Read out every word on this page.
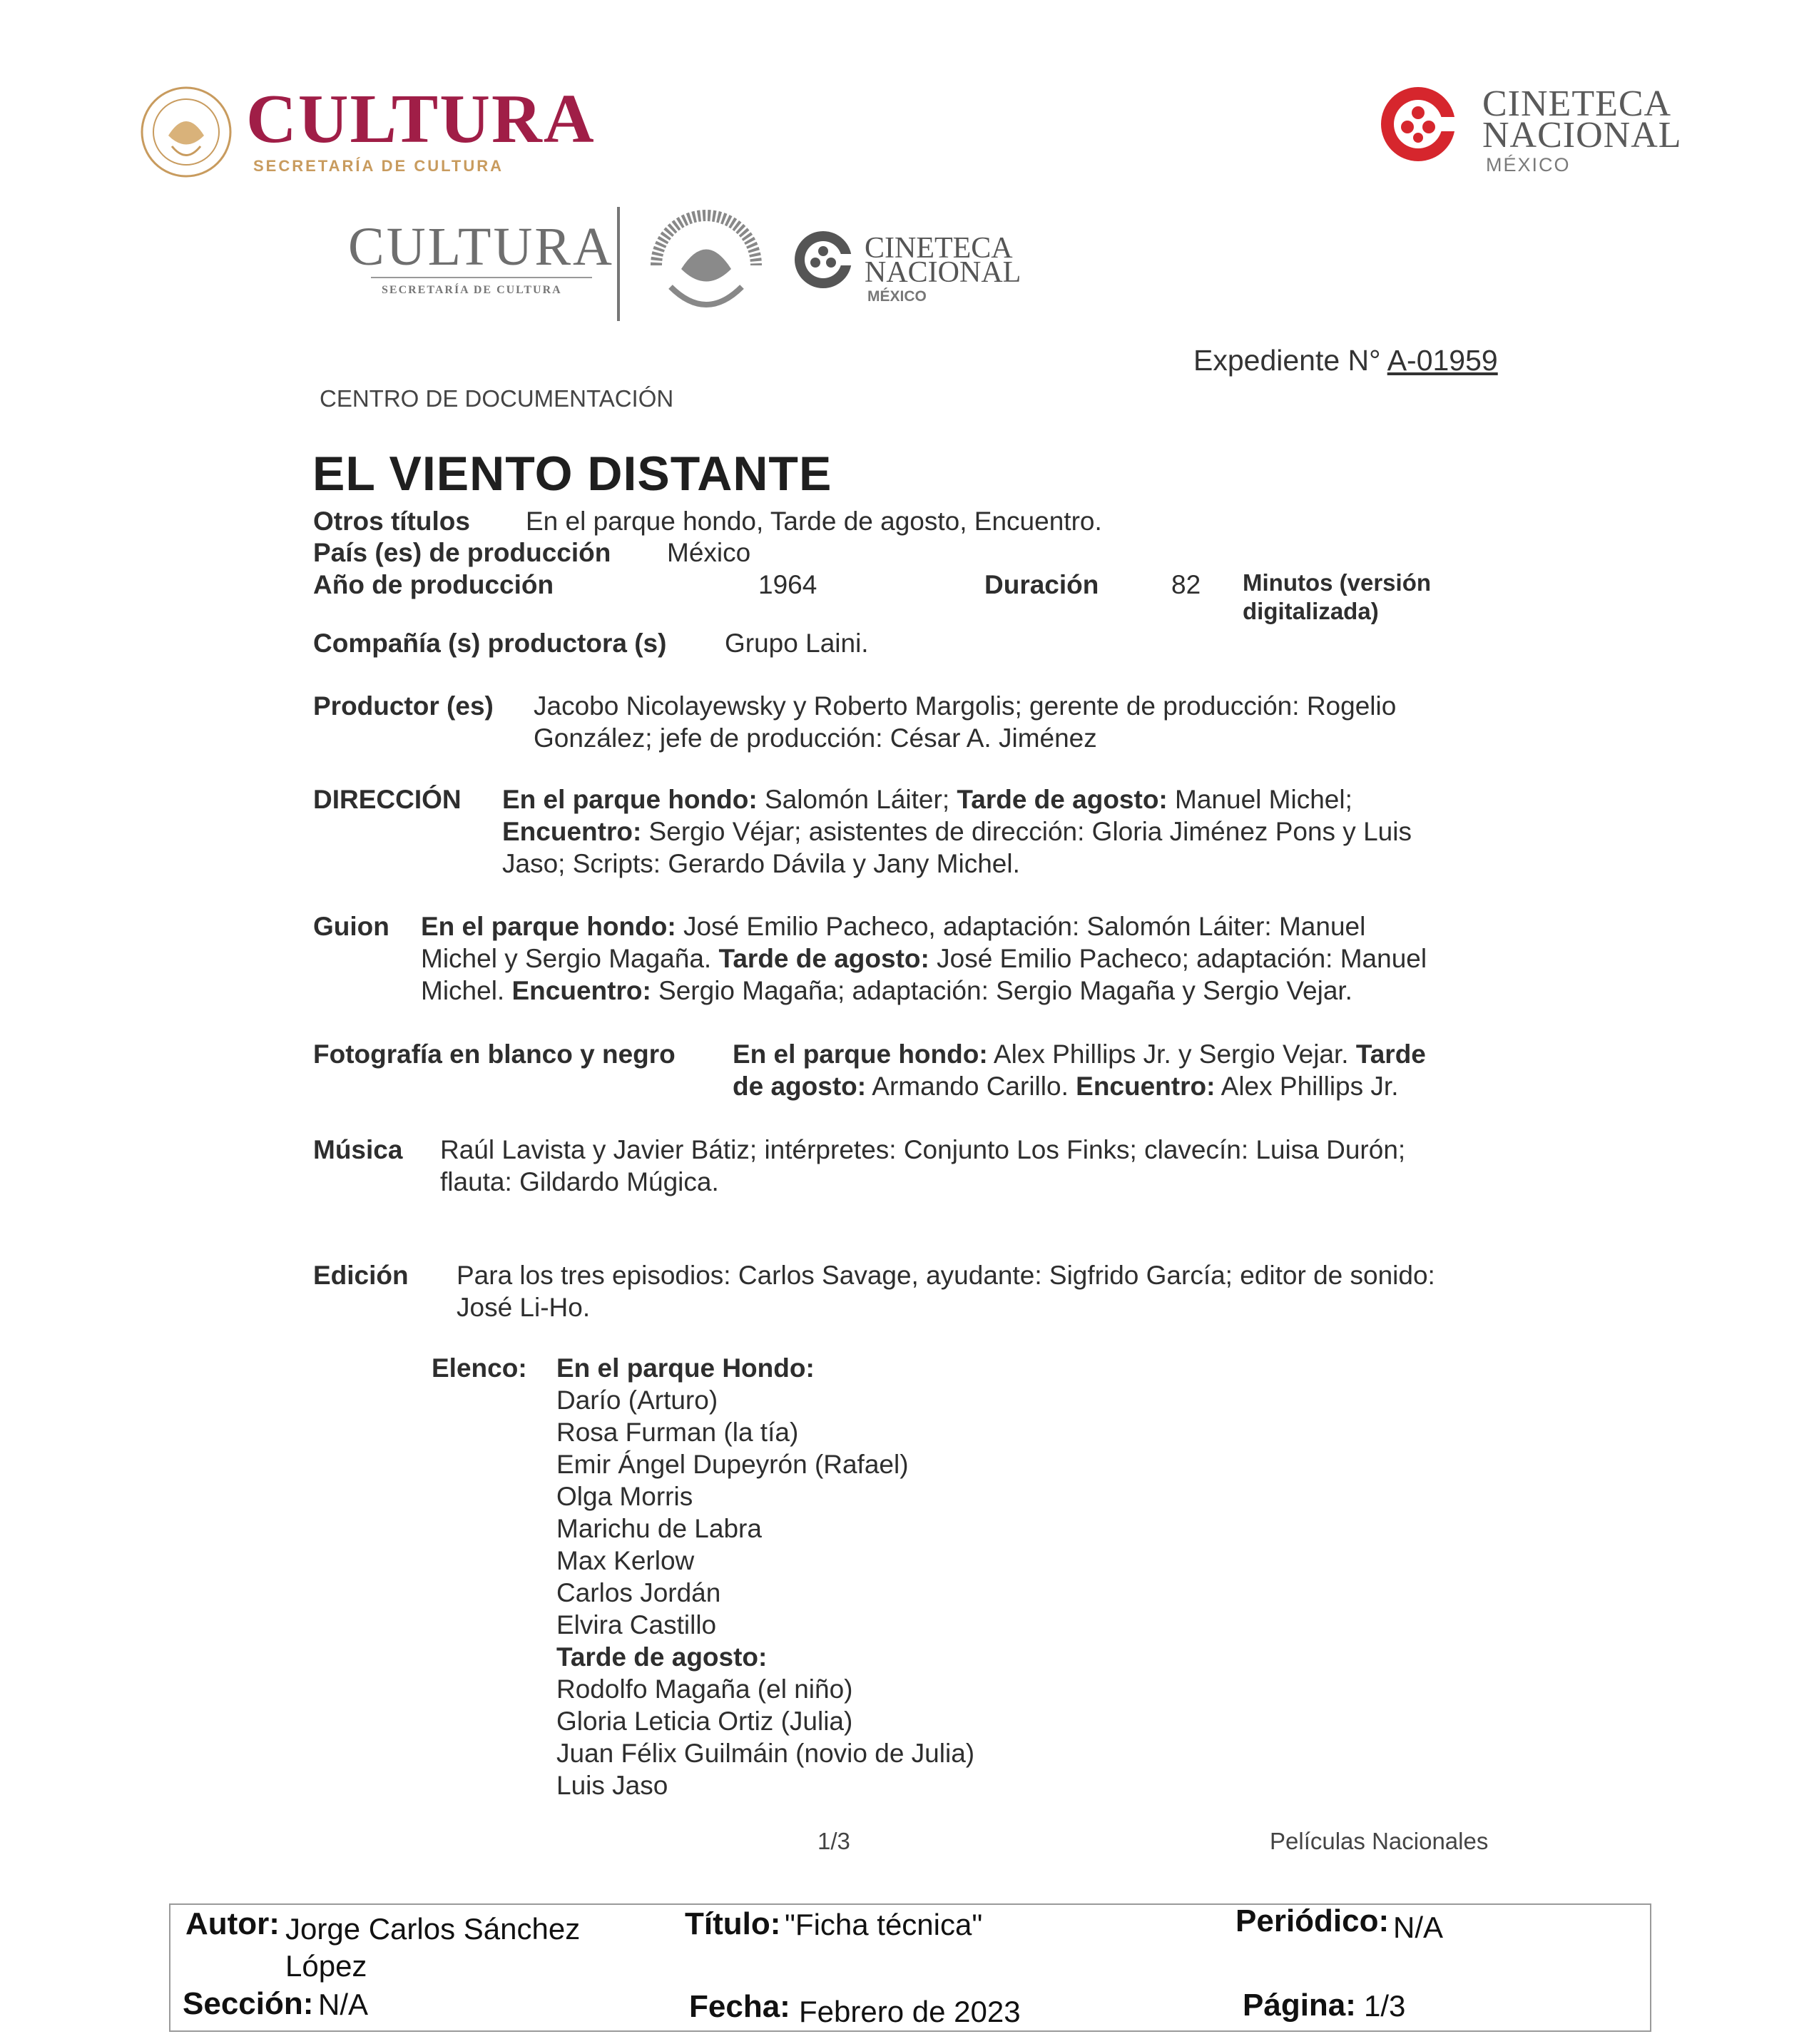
CULTURA
SECRETARÍA DE CULTURA
CINETECA
NACIONAL
MÉXICO
CULTURA
SECRETARÍA DE CULTURA
CINETECA
NACIONAL
MÉXICO
Expediente N° A-01959
CENTRO DE DOCUMENTACIÓN
EL VIENTO DISTANTE
Otros títulos En el parque hondo, Tarde de agosto, Encuentro.
País (es) de producción México
Año de producción	1964	Duración	82 Minutos (versión
digitalizada)
Compañía (s) productora (s) Grupo Laini.
Productor (es) Jacobo Nicolayewsky y Roberto Margolis; gerente de producción: Rogelio
González; jefe de producción: César A. Jiménez
DIRECCIÓN En el parque hondo: Salomón Láiter; Tarde de agosto: Manuel Michel;
Encuentro: Sergio Véjar; asistentes de dirección: Gloria Jiménez Pons y Luis
Jaso; Scripts: Gerardo Dávila y Jany Michel.
Guion En el parque hondo: José Emilio Pacheco, adaptación: Salomón Láiter: Manuel
Michel y Sergio Magaña. Tarde de agosto: José Emilio Pacheco; adaptación: Manuel
Michel. Encuentro: Sergio Magaña; adaptación: Sergio Magaña y Sergio Vejar.
Fotografía en blanco y negro En el parque hondo: Alex Phillips Jr. y Sergio Vejar. Tarde
de agosto: Armando Carillo. Encuentro: Alex Phillips Jr.
Música Raúl Lavista y Javier Bátiz; intérpretes: Conjunto Los Finks; clavecín: Luisa Durón;
flauta: Gildardo Múgica.
Edición Para los tres episodios: Carlos Savage, ayudante: Sigfrido García; editor de sonido:
José Li-Ho.
Elenco: En el parque Hondo:
Darío (Arturo)
Rosa Furman (la tía)
Emir Ángel Dupeyrón (Rafael)
Olga Morris
Marichu de Labra
Max Kerlow
Carlos Jordán
Elvira Castillo
Tarde de agosto:
Rodolfo Magaña (el niño)
Gloria Leticia Ortiz (Julia)
Juan Félix Guilmáin (novio de Julia)
Luis Jaso
1/3	Películas Nacionales
Autor: Jorge Carlos Sánchez
López
Título: "Ficha técnica"	Periódico: N/A
Sección: N/A	Fecha: Febrero de 2023	Página: 1/3
